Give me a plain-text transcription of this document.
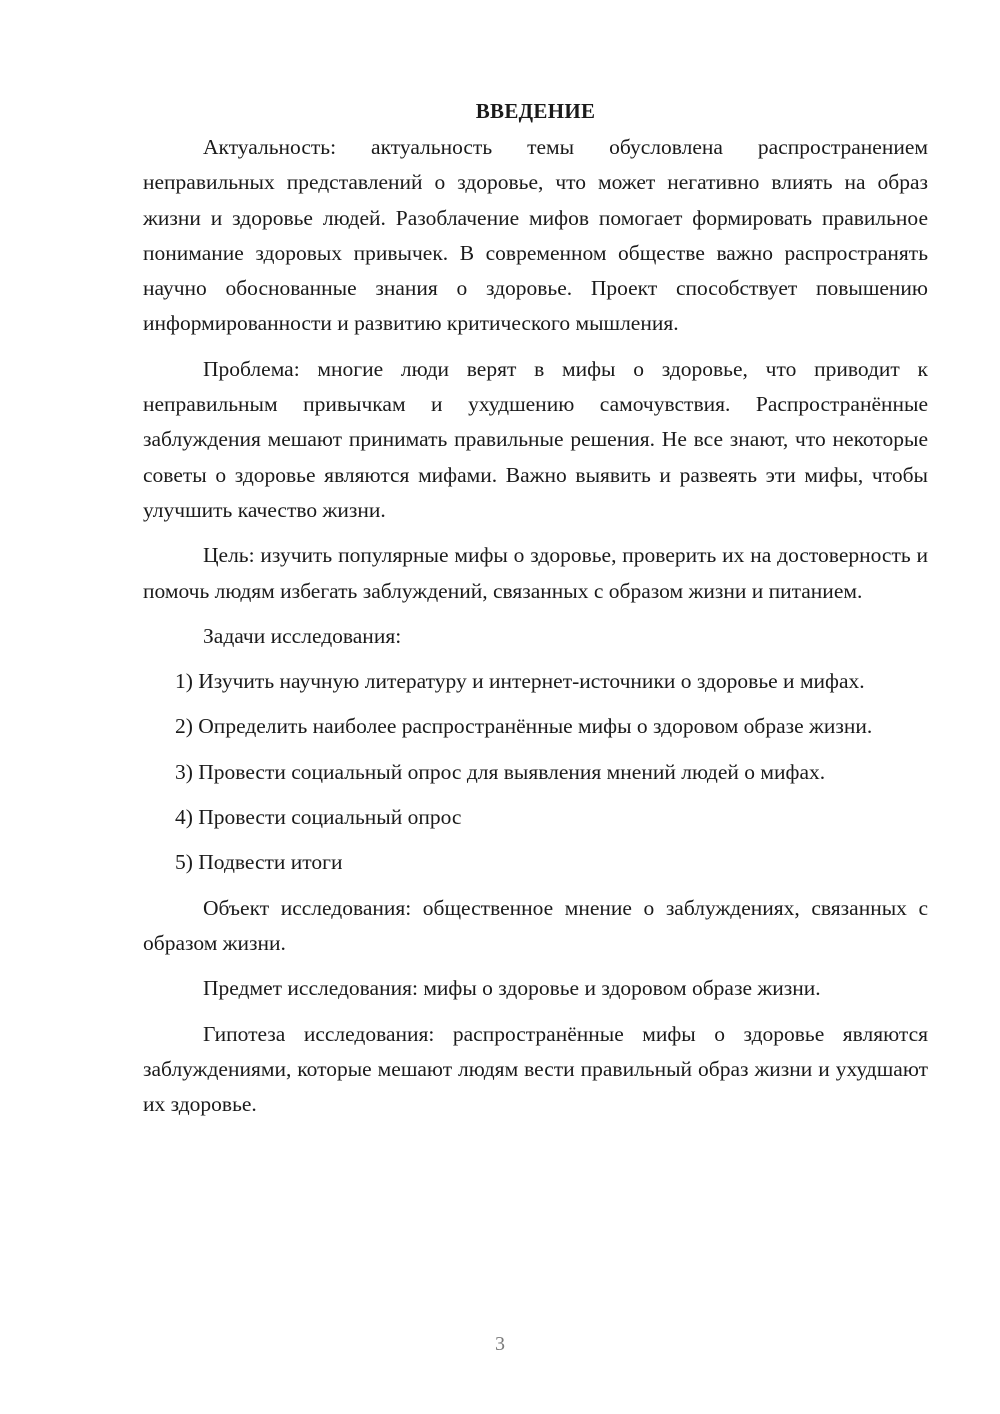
ВВЕДЕНИЕ

Актуальность: актуальность темы обусловлена распространением неправильных представлений о здоровье, что может негативно влиять на образ жизни и здоровье людей. Разоблачение мифов помогает формировать правильное понимание здоровых привычек. В современном обществе важно распространять научно обоснованные знания о здоровье. Проект способствует повышению информированности и развитию критического мышления.

Проблема: многие люди верят в мифы о здоровье, что приводит к неправильным привычкам и ухудшению самочувствия. Распространённые заблуждения мешают принимать правильные решения. Не все знают, что некоторые советы о здоровье являются мифами. Важно выявить и развеять эти мифы, чтобы улучшить качество жизни.

Цель: изучить популярные мифы о здоровье, проверить их на достоверность и помочь людям избегать заблуждений, связанных с образом жизни и питанием.

Задачи исследования:

1) Изучить научную литературу и интернет-источники о здоровье и мифах.

2) Определить наиболее распространённые мифы о здоровом образе жизни.

3) Провести социальный опрос для выявления мнений людей о мифах.

4) Провести социальный опрос

5) Подвести итоги

Объект исследования: общественное мнение о заблуждениях, связанных с образом жизни.

Предмет исследования: мифы о здоровье и здоровом образе жизни.

Гипотеза исследования: распространённые мифы о здоровье являются заблуждениями, которые мешают людям вести правильный образ жизни и ухудшают их здоровье.

3
